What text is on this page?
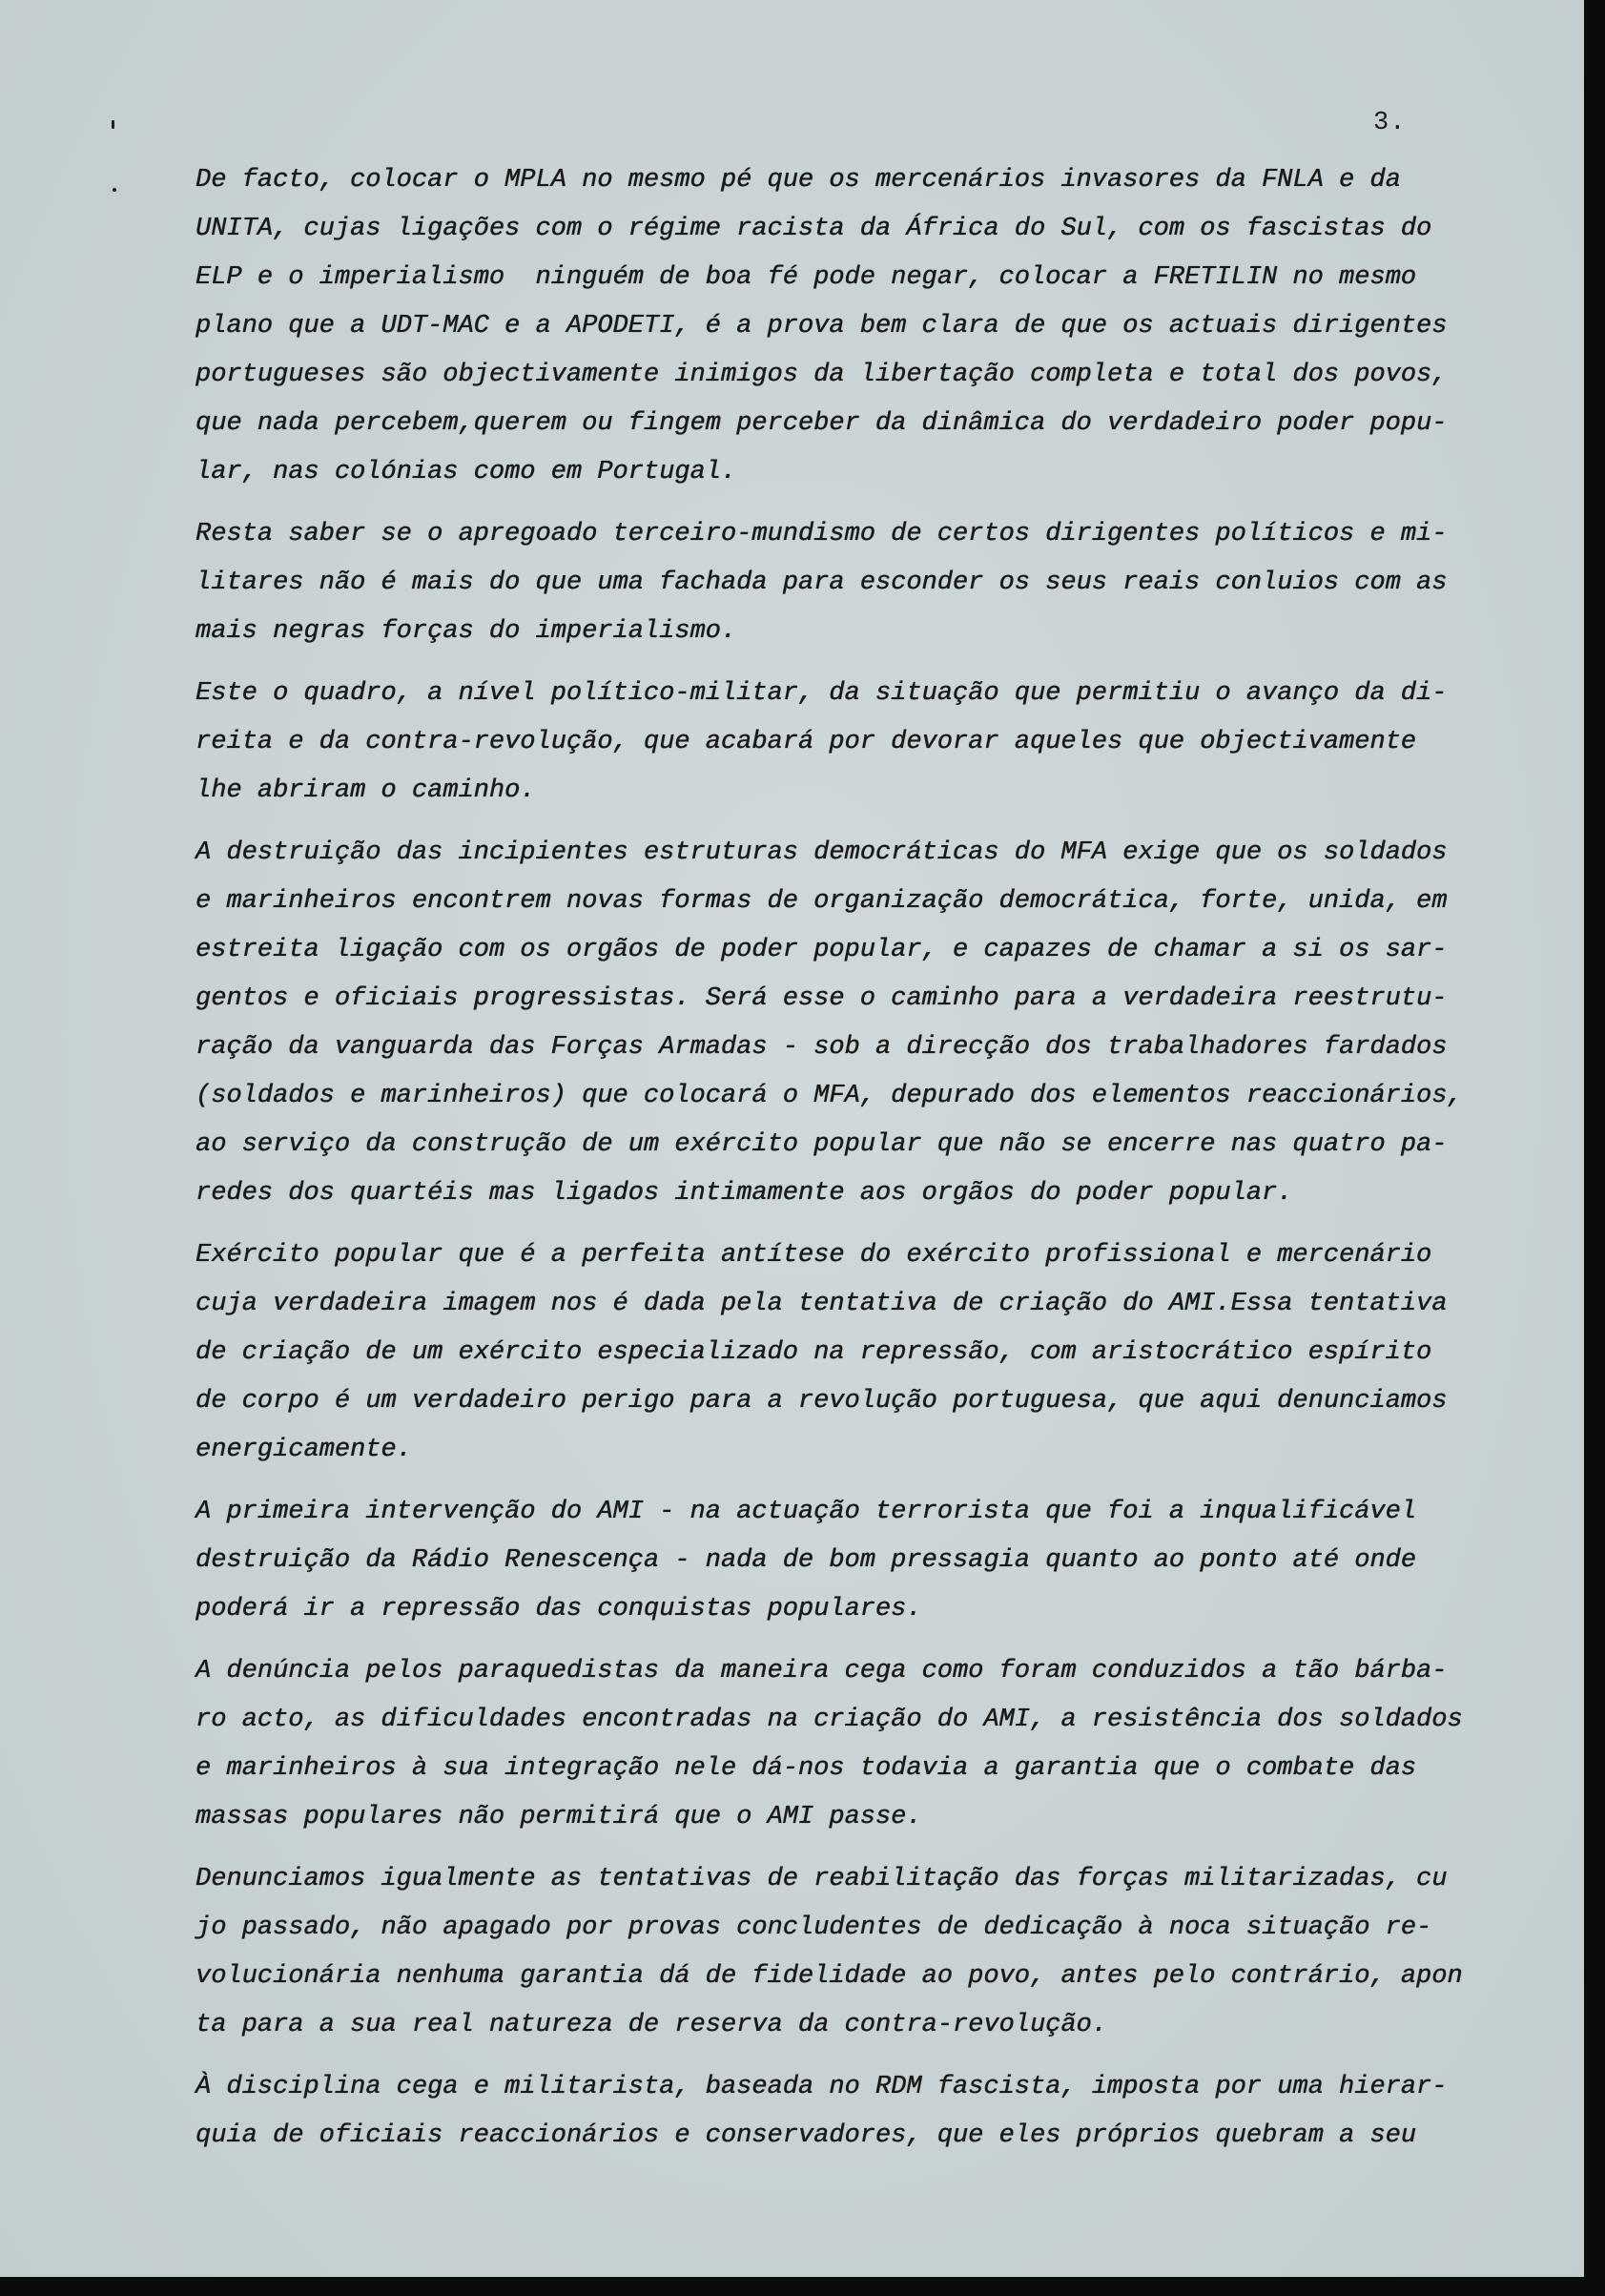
3.
De facto, colocar o MPLA no mesmo pé que os mercenários invasores da FNLA e da
UNITA, cujas ligações com o régime racista da África do Sul, com os fascistas do
ELP e o imperialismo  ninguém de boa fé pode negar, colocar a FRETILIN no mesmo
plano que a UDT-MAC e a APODETI, é a prova bem clara de que os actuais dirigentes
portugueses são objectivamente inimigos da libertação completa e total dos povos,
que nada percebem,querem ou fingem perceber da dinâmica do verdadeiro poder popu-
lar, nas colónias como em Portugal.
Resta saber se o apregoado terceiro-mundismo de certos dirigentes políticos e mi-
litares não é mais do que uma fachada para esconder os seus reais conluios com as
mais negras forças do imperialismo.
Este o quadro, a nível político-militar, da situação que permitiu o avanço da di-
reita e da contra-revolução, que acabará por devorar aqueles que objectivamente
lhe abriram o caminho.
A destruição das incipientes estruturas democráticas do MFA exige que os soldados
e marinheiros encontrem novas formas de organização democrática, forte, unida, em
estreita ligação com os orgãos de poder popular, e capazes de chamar a si os sar-
gentos e oficiais progressistas. Será esse o caminho para a verdadeira reestrutu-
ração da vanguarda das Forças Armadas - sob a direcção dos trabalhadores fardados
(soldados e marinheiros) que colocará o MFA, depurado dos elementos reaccionários,
ao serviço da construção de um exército popular que não se encerre nas quatro pa-
redes dos quartéis mas ligados intimamente aos orgãos do poder popular.
Exército popular que é a perfeita antítese do exército profissional e mercenário
cuja verdadeira imagem nos é dada pela tentativa de criação do AMI.Essa tentativa
de criação de um exército especializado na repressão, com aristocrático espírito
de corpo é um verdadeiro perigo para a revolução portuguesa, que aqui denunciamos
energicamente.
A primeira intervenção do AMI - na actuação terrorista que foi a inqualificável
destruição da Rádio Renescença - nada de bom pressagia quanto ao ponto até onde
poderá ir a repressão das conquistas populares.
A denúncia pelos paraquedistas da maneira cega como foram conduzidos a tão bárba-
ro acto, as dificuldades encontradas na criação do AMI, a resistência dos soldados
e marinheiros à sua integração nele dá-nos todavia a garantia que o combate das
massas populares não permitirá que o AMI passe.
Denunciamos igualmente as tentativas de reabilitação das forças militarizadas, cu
jo passado, não apagado por provas concludentes de dedicação à noca situação re-
volucionária nenhuma garantia dá de fidelidade ao povo, antes pelo contrário, apon
ta para a sua real natureza de reserva da contra-revolução.
À disciplina cega e militarista, baseada no RDM fascista, imposta por uma hierar-
quia de oficiais reaccionários e conservadores, que eles próprios quebram a seu
